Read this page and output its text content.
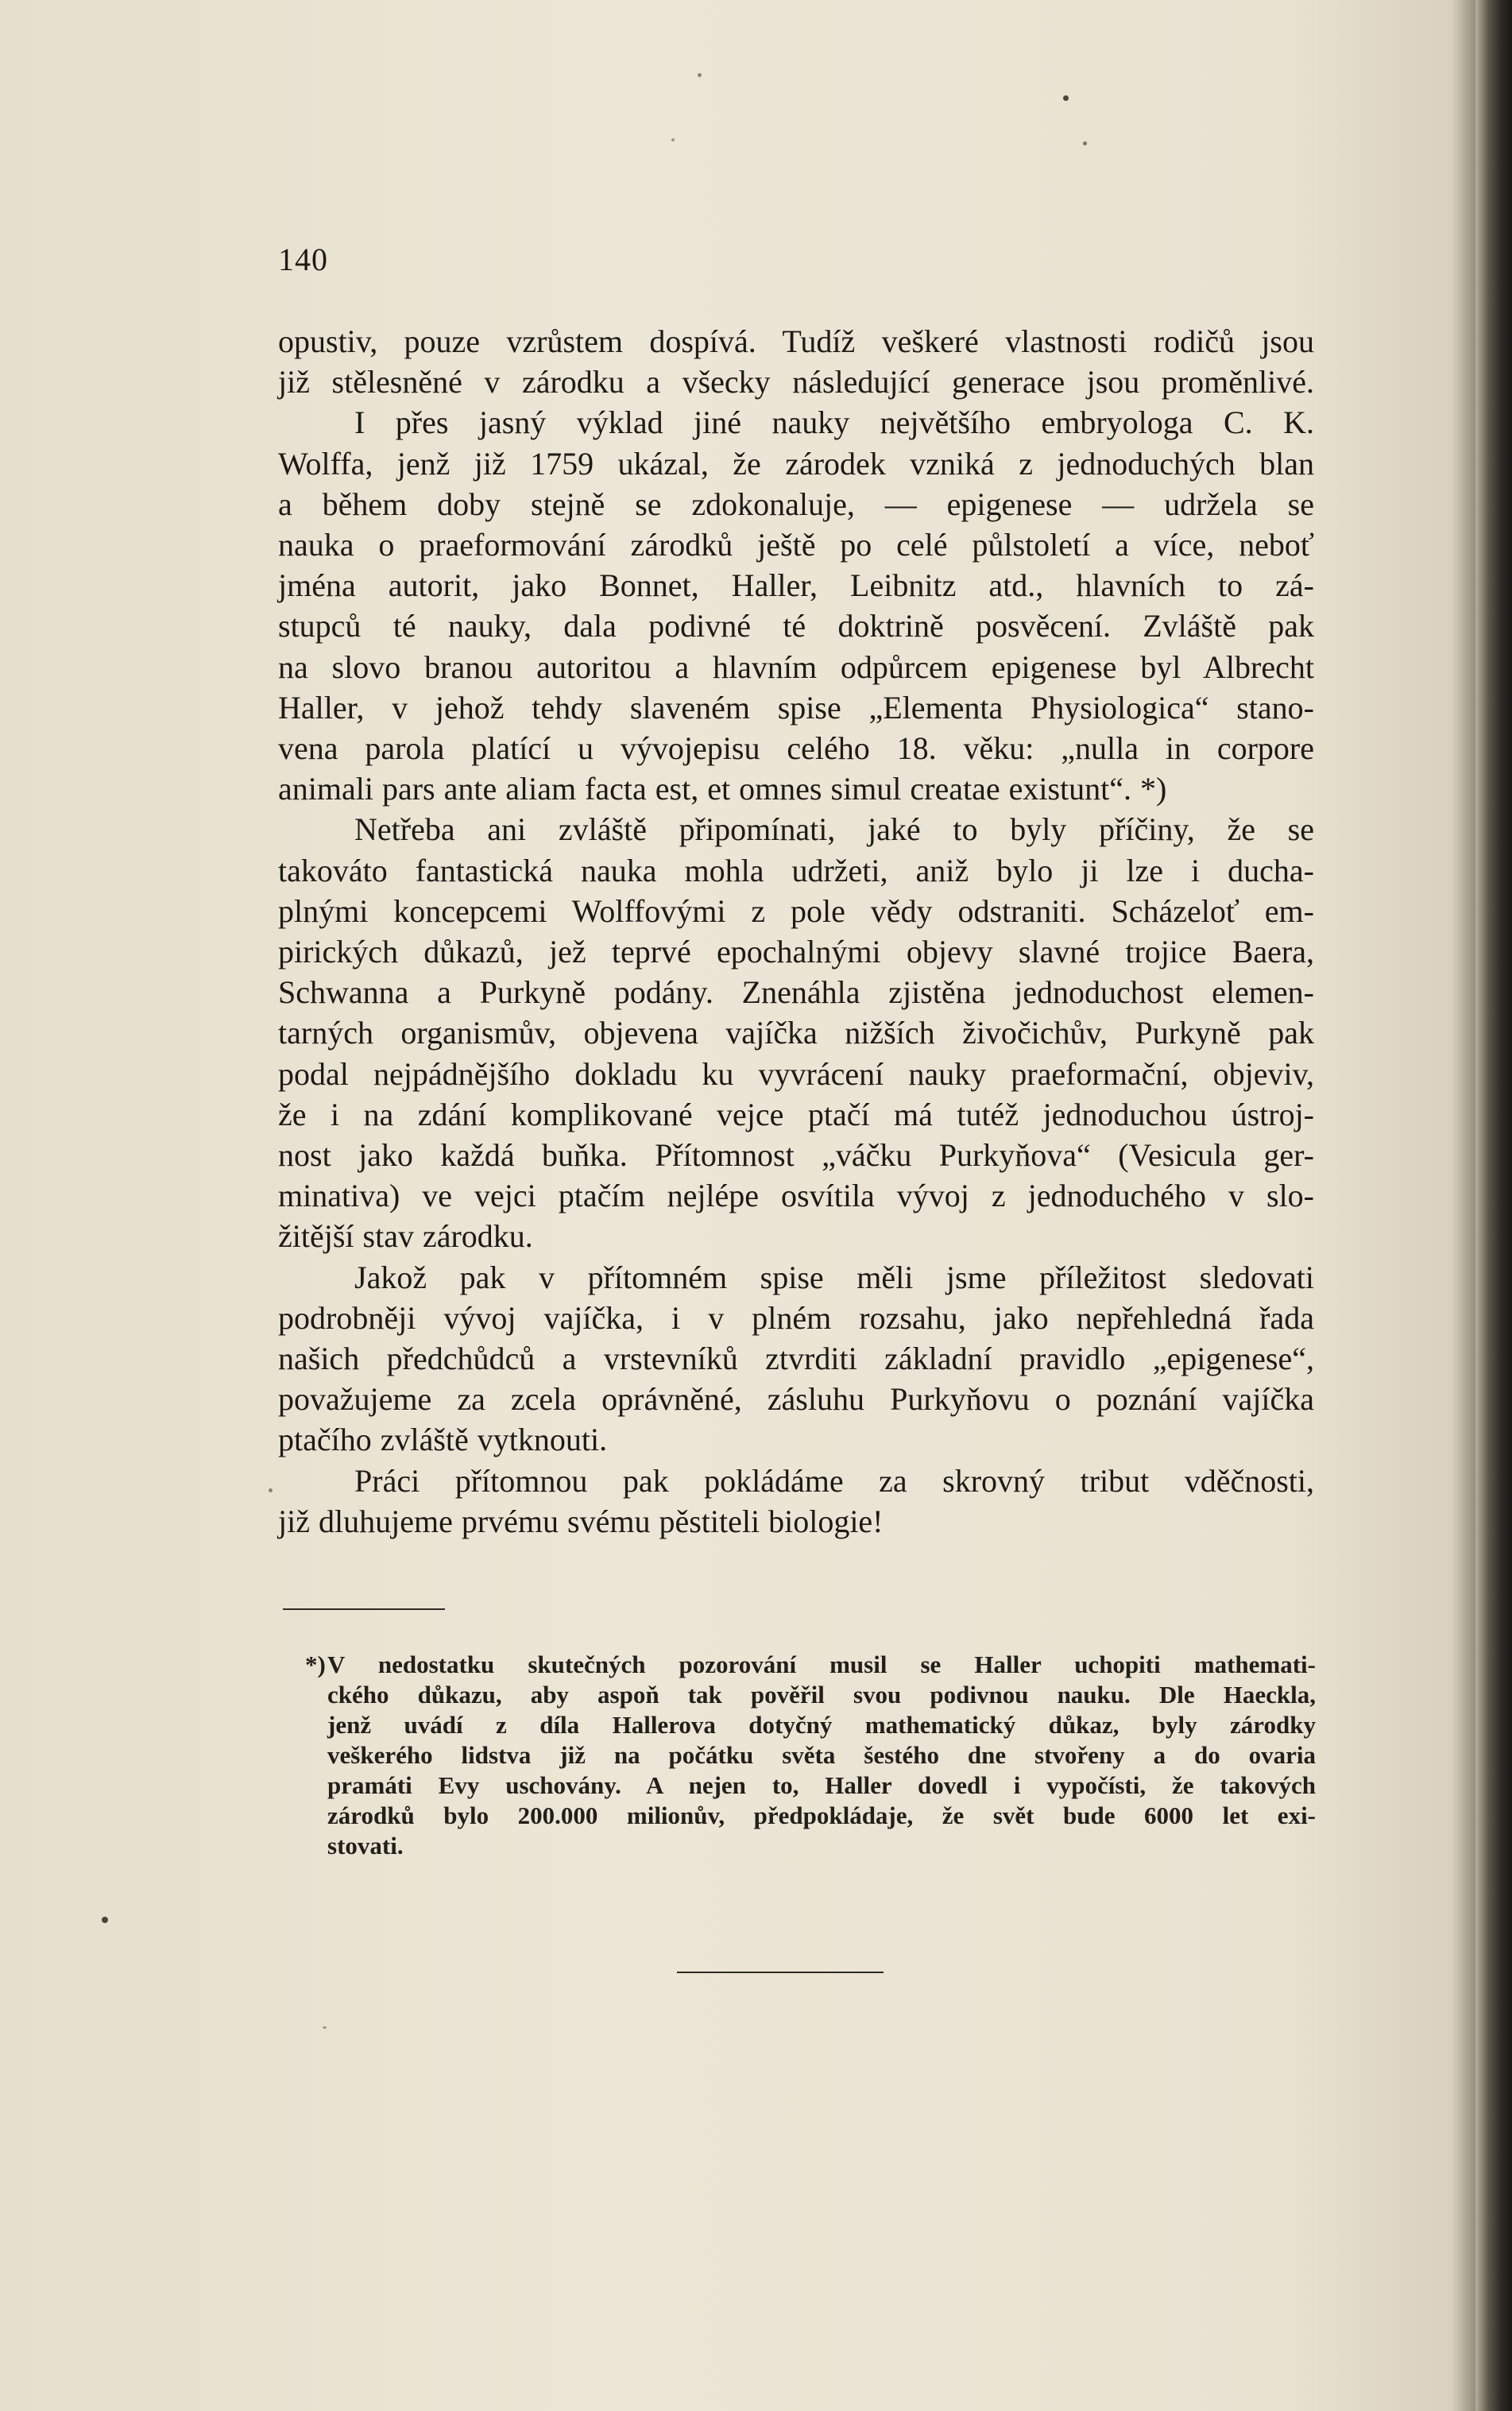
140
opustiv, pouze vzrůstem dospívá. Tudíž veškeré vlastnosti rodičů jsou
již stělesněné v zárodku a všecky následující generace jsou proměnlivé.
I přes jasný výklad jiné nauky největšího embryologa C. K.
Wolffa, jenž již 1759 ukázal, že zárodek vzniká z jednoduchých blan
a během doby stejně se zdokonaluje, — epigenese — udržela se
nauka o praeformování zárodků ještě po celé půlstoletí a více, neboť
jména autorit, jako Bonnet, Haller, Leibnitz atd., hlavních to zá-
stupců té nauky, dala podivné té doktrině posvěcení. Zvláště pak
na slovo branou autoritou a hlavním odpůrcem epigenese byl Albrecht
Haller, v jehož tehdy slaveném spise „Elementa Physiologica“ stano-
vena parola platící u vývojepisu celého 18. věku: „nulla in corpore
animali pars ante aliam facta est, et omnes simul creatae existunt“. *)
Netřeba ani zvláště připomínati, jaké to byly příčiny, že se
takováto fantastická nauka mohla udržeti, aniž bylo ji lze i ducha-
plnými koncepcemi Wolffovými z pole vědy odstraniti. Scházeloť em-
pirických důkazů, jež teprvé epochalnými objevy slavné trojice Baera,
Schwanna a Purkyně podány. Znenáhla zjistěna jednoduchost elemen-
tarných organismův, objevena vajíčka nižších živočichův, Purkyně pak
podal nejpádnějšího dokladu ku vyvrácení nauky praeformační, objeviv,
že i na zdání komplikované vejce ptačí má tutéž jednoduchou ústroj-
nost jako každá buňka. Přítomnost „váčku Purkyňova“ (Vesicula ger-
minativa) ve vejci ptačím nejlépe osvítila vývoj z jednoduchého v slo-
žitější stav zárodku.
Jakož pak v přítomném spise měli jsme příležitost sledovati
podrobněji vývoj vajíčka, i v plném rozsahu, jako nepřehledná řada
našich předchůdců a vrstevníků ztvrditi základní pravidlo „epigenese“,
považujeme za zcela oprávněné, zásluhu Purkyňovu o poznání vajíčka
ptačího zvláště vytknouti.
Práci přítomnou pak pokládáme za skrovný tribut vděčnosti,
již dluhujeme prvému svému pěstiteli biologie!
*) V nedostatku skutečných pozorování musil se Haller uchopiti mathemati-
ckého důkazu, aby aspoň tak pověřil svou podivnou nauku. Dle Haeckla,
jenž uvádí z díla Hallerova dotyčný mathematický důkaz, byly zárodky
veškerého lidstva již na počátku světa šestého dne stvořeny a do ovaria
pramáti Evy uschovány. A nejen to, Haller dovedl i vypočísti, že takových
zárodků bylo 200.000 milionův, předpokládaje, že svět bude 6000 let exi-
stovati.
